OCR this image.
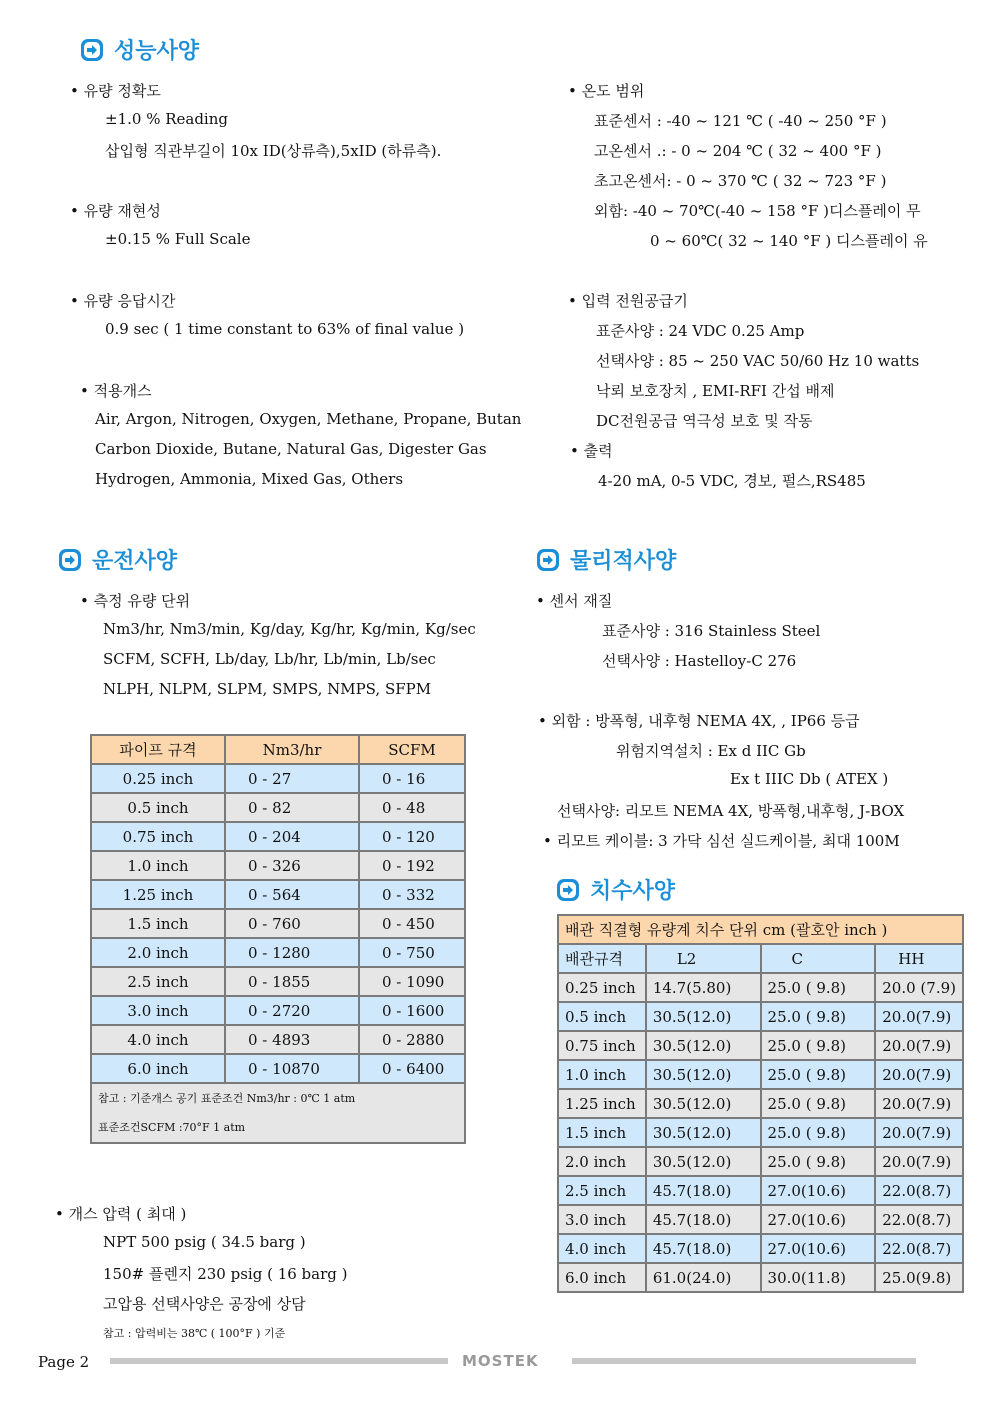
성능사양
• 유량 정확도
±1.0 % Reading
삽입형 직관부길이 10x ID(상류측),5xID (하류측).
• 유량 재현성
±0.15 % Full Scale
• 유량 응답시간
0.9 sec ( 1 time constant to 63% of final value )
• 적용개스
Air, Argon, Nitrogen, Oxygen, Methane, Propane, Butan
Carbon Dioxide, Butane, Natural Gas, Digester Gas
Hydrogen, Ammonia, Mixed Gas, Others
• 온도 범위
표준센서 : -40 ~ 121 ℃ ( -40 ~ 250 °F )
고온센서 .: - 0 ~ 204 ℃ ( 32 ~ 400 °F )
초고온센서: - 0 ~ 370 ℃ ( 32 ~ 723 °F )
외함: -40 ~ 70℃(-40 ~ 158 °F )디스플레이 무
0 ~ 60℃( 32 ~ 140 °F ) 디스플레이 유
• 입력 전원공급기
표준사양 : 24 VDC 0.25 Amp
선택사양 : 85 ~ 250 VAC 50/60 Hz 10 watts
낙뢰 보호장치 , EMI-RFI 간섭 배제
DC전원공급 역극성 보호 및 작동
• 출력
4-20 mA, 0-5 VDC, 경보, 펄스,RS485
운전사양
• 측정 유량 단위
Nm3/hr, Nm3/min, Kg/day, Kg/hr, Kg/min, Kg/sec
SCFM, SCFH, Lb/day, Lb/hr, Lb/min, Lb/sec
NLPH, NLPM, SLPM, SMPS, NMPS, SFPM
파이프 규격	Nm3/hr	SCFM
0.25 inch	0 - 27	0 - 16
0.5 inch	0 - 82	0 - 48
0.75 inch	0 - 204	0 - 120
1.0 inch	0 - 326	0 - 192
1.25 inch	0 - 564	0 - 332
1.5 inch	0 - 760	0 - 450
2.0 inch	0 - 1280	0 - 750
2.5 inch	0 - 1855	0 - 1090
3.0 inch	0 - 2720	0 - 1600
4.0 inch	0 - 4893	0 - 2880
6.0 inch	0 - 10870	0 - 6400

참고 : 기준개스 공기 표준조건 Nm3/hr : 0℃ 1 atm
표준조건SCFM :70°F 1 atm		
• 개스 압력 ( 최대 )
NPT 500 psig ( 34.5 barg )
150# 플렌지 230 psig ( 16 barg )
고압용 선택사양은 공장에 상담
참고 : 압력비는 38℃ ( 100°F ) 기준
물리적사양
• 센서 재질
표준사양 : 316 Stainless Steel
선택사양 : Hastelloy-C 276
• 외함 : 방폭형, 내후형 NEMA 4X, , IP66 등급
위험지역설치 : Ex d IIC Gb
Ex t IIIC Db ( ATEX )
선택사양: 리모트 NEMA 4X, 방폭형,내후형, J-BOX
• 리모트 케이블: 3 가닥 심선 실드케이블, 최대 100M
치수사양
배관 직결형 유량계 치수 단위 cm (괄호안 inch )			
배관규격	L2	C	HH
0.25 inch	14.7(5.80)	25.0 ( 9.8)	20.0 (7.9)
0.5 inch	30.5(12.0)	25.0 ( 9.8)	20.0(7.9)
0.75 inch	30.5(12.0)	25.0 ( 9.8)	20.0(7.9)
1.0 inch	30.5(12.0)	25.0 ( 9.8)	20.0(7.9)
1.25 inch	30.5(12.0)	25.0 ( 9.8)	20.0(7.9)
1.5 inch	30.5(12.0)	25.0 ( 9.8)	20.0(7.9)
2.0 inch	30.5(12.0)	25.0 ( 9.8)	20.0(7.9)
2.5 inch	45.7(18.0)	27.0(10.6)	22.0(8.7)
3.0 inch	45.7(18.0)	27.0(10.6)	22.0(8.7)
4.0 inch	45.7(18.0)	27.0(10.6)	22.0(8.7)
6.0 inch	61.0(24.0)	30.0(11.8)	25.0(9.8)
Page 2	MOSTEK
